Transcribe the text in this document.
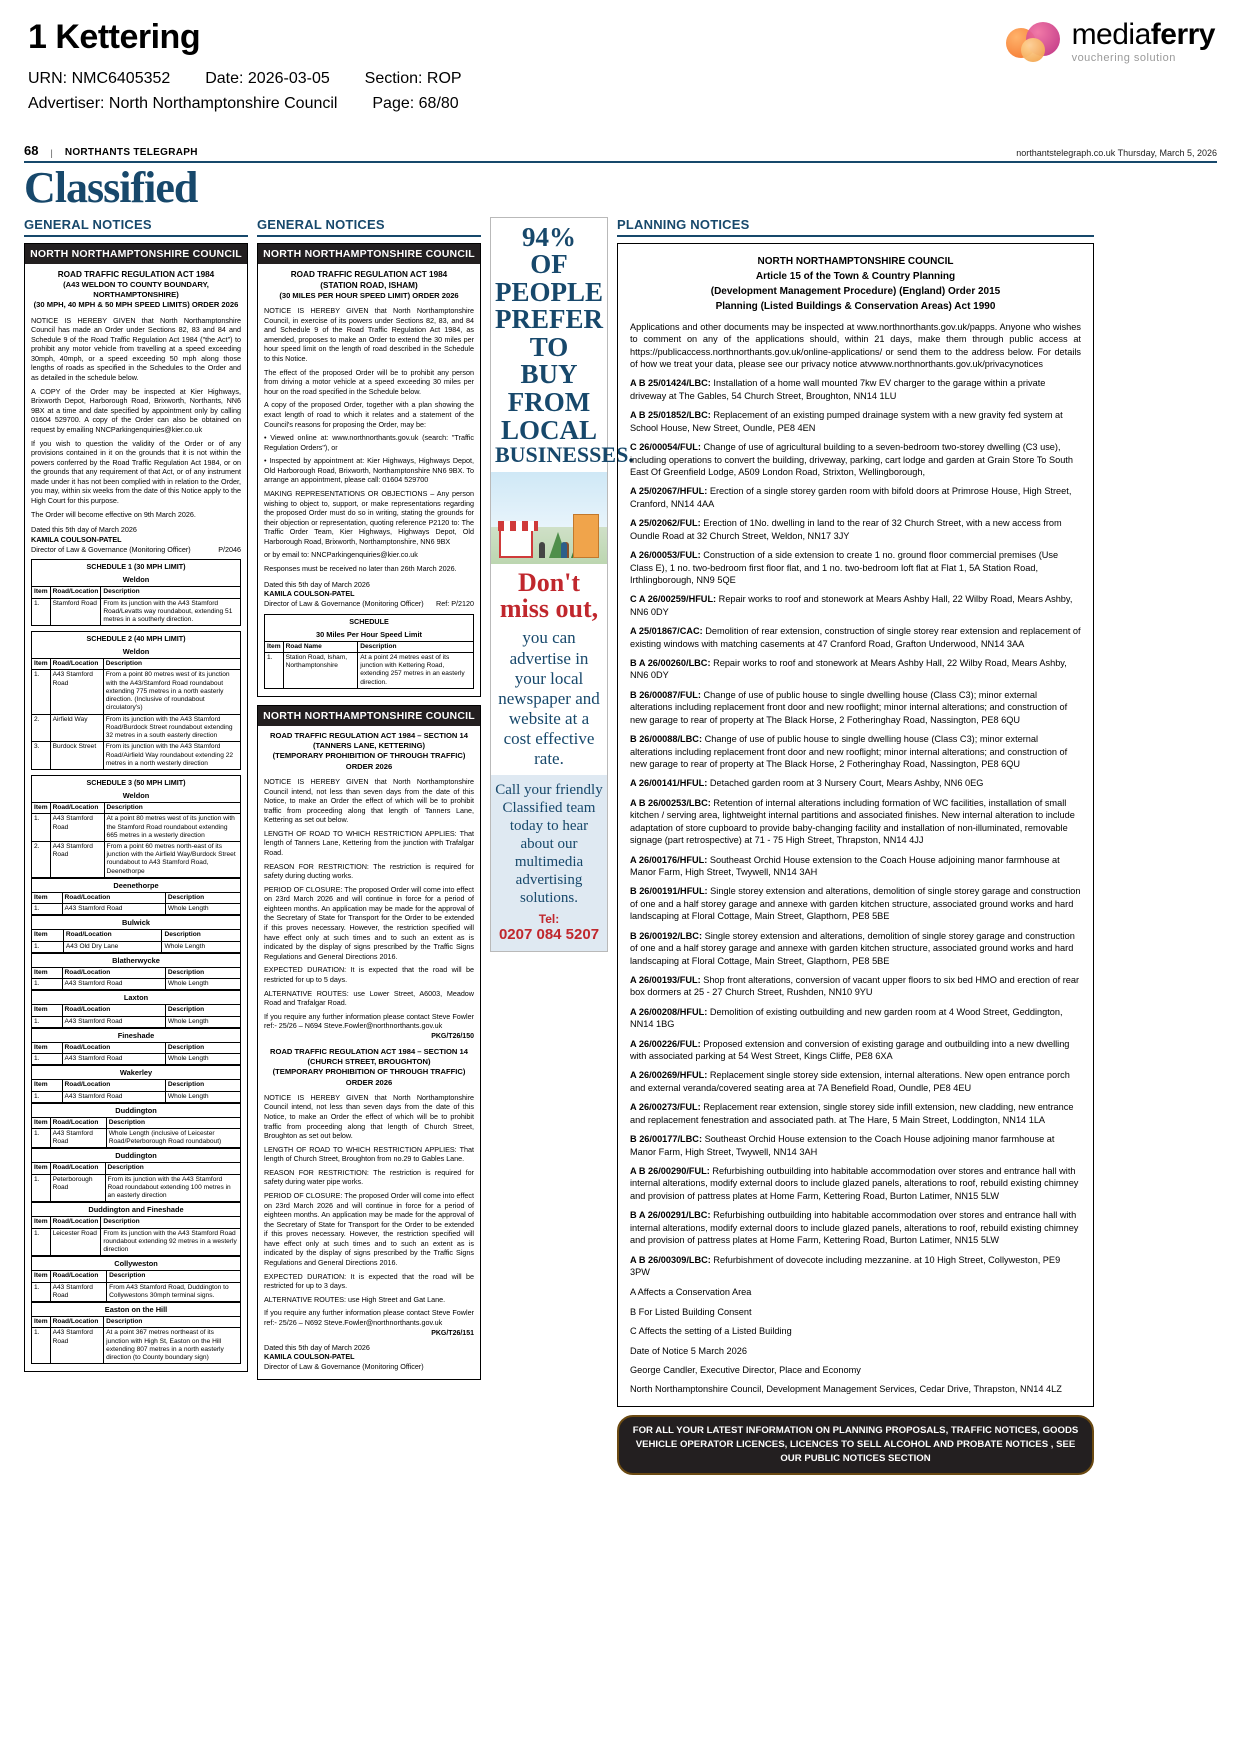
1 Kettering
URN: NMC6405352 Date: 2026-03-05 Section: ROP
Advertiser: North Northamptonshire Council Page: 68/80
mediaferry
vouchering solution
68 | NORTHANTS TELEGRAPH	northantstelegraph.co.uk Thursday, March 5, 2026
Classified
GENERAL NOTICES
NORTH NORTHAMPTONSHIRE COUNCIL
ROAD TRAFFIC REGULATION ACT 1984
(A43 WELDON TO COUNTY BOUNDARY, NORTHAMPTONSHIRE)
(30 MPH, 40 MPH & 50 MPH SPEED LIMITS) ORDER 2026

NOTICE IS HEREBY GIVEN that North Northamptonshire Council has made an Order under Sections 82, 83 and 84 and Schedule 9 of the Road Traffic Regulation Act 1984 ("the Act") to prohibit any motor vehicle from travelling at a speed exceeding 30mph, 40mph, or a speed exceeding 50 mph along those lengths of roads as specified in the Schedules to the Order and as detailed in the schedule below.

A COPY of the Order may be inspected at Kier Highways, Brixworth Depot, Harborough Road, Brixworth, Northants, NN6 9BX at a time and date specified by appointment only by calling 01604 529700. A copy of the Order can also be obtained on request by emailing NNCParkingenquiries@kier.co.uk

If you wish to question the validity of the Order or of any provisions contained in it on the grounds that it is not within the powers conferred by the Road Traffic Regulation Act 1984, or on the grounds that any requirement of that Act, or of any instrument made under it has not been complied with in relation to the Order, you may, within six weeks from the date of this Notice apply to the High Court for this purpose.

The Order will become effective on 9th March 2026.

Dated this 5th day of March 2026
KAMILA COULSON-PATEL
P/2046
Director of Law & Governance (Monitoring Officer)
SCHEDULE 1 (30 MPH LIMIT)
Weldon
Item	Road/Location	Description
1.	Stamford Road	From its junction with the A43 Stamford Road/Levatts way roundabout, extending 51 metres in a southerly direction.
SCHEDULE 2 (40 MPH LIMIT)
Weldon
Item	Road/Location	Description
1.	A43 Stamford Road	From a point 80 metres west of its junction with the A43/Stamford Road roundabout extending 775 metres in a north easterly direction. (Inclusive of roundabout circulatory's)
2.	Airfield Way	From its junction with the A43 Stamford Road/Burdock Street roundabout extending 32 metres in a south easterly direction
3.	Burdock Street	From its junction with the A43 Stamford Road/Airfield Way roundabout extending 22 metres in a north westerly direction
SCHEDULE 3 (50 MPH LIMIT)
Weldon
Item	Road/Location	Description
1.	A43 Stamford Road	At a point 80 metres west of its junction with the Stamford Road roundabout extending 665 metres in a westerly direction
2.	A43 Stamford Road	From a point 60 metres north-east of its junction with the Airfield Way/Burdock Street roundabout to A43 Stamford Road, Deenethorpe
Deenethorpe
Item	Road/Location	Description
1.	A43 Stamford Road	Whole Length
Bulwick
Item	Road/Location	Description
1.	A43 Old Dry Lane	Whole Length
Blatherwycke
Item	Road/Location	Description
1.	A43 Stamford Road	Whole Length
Laxton
Item	Road/Location	Description
1.	A43 Stamford Road	Whole Length
Fineshade
Item	Road/Location	Description
1.	A43 Stamford Road	Whole Length
Wakerley
Item	Road/Location	Description
1.	A43 Stamford Road	Whole Length
Duddington
Item	Road/Location	Description
1.	A43 Stamford Road	Whole Length (inclusive of Leicester Road/Peterborough Road roundabout)
Duddington
Item	Road/Location	Description
1.	Peterborough Road	From its junction with the A43 Stamford Road roundabout extending 100 metres in an easterly direction
Duddington and Fineshade
Item	Road/Location	Description
1.	Leicester Road	From its junction with the A43 Stamford Road roundabout extending 92 metres in a westerly direction
Collyweston
Item	Road/Location	Description
1.	A43 Stamford Road	From A43 Stamford Road, Duddington to Collywestons 30mph terminal signs.
Easton on the Hill
Item	Road/Location	Description
1.	A43 Stamford Road	At a point 367 metres northeast of its junction with High St, Easton on the Hill extending 807 metres in a north easterly direction (to County boundary sign)
GENERAL NOTICES
NORTH NORTHAMPTONSHIRE COUNCIL
ROAD TRAFFIC REGULATION ACT 1984
(STATION ROAD, ISHAM)
(30 MILES PER HOUR SPEED LIMIT) ORDER 2026

NOTICE IS HEREBY GIVEN that North Northamptonshire Council, in exercise of its powers under Sections 82, 83, and 84 and Schedule 9 of the Road Traffic Regulation Act 1984, as amended, proposes to make an Order to extend the 30 miles per hour speed limit on the length of road described in the Schedule to this Notice.

The effect of the proposed Order will be to prohibit any person from driving a motor vehicle at a speed exceeding 30 miles per hour on the road specified in the Schedule below.

A copy of the proposed Order, together with a plan showing the exact length of road to which it relates and a statement of the Council's reasons for proposing the Order, may be:

• Viewed online at: www.northnorthants.gov.uk (search: "Traffic Regulation Orders"), or

• Inspected by appointment at: Kier Highways, Highways Depot, Old Harborough Road, Brixworth, Northamptonshire NN6 9BX. To arrange an appointment, please call: 01604 529700

MAKING REPRESENTATIONS OR OBJECTIONS – Any person wishing to object to, support, or make representations regarding the proposed Order must do so in writing, stating the grounds for their objection or representation, quoting reference P2120 to: The Traffic Order Team, Kier Highways, Highways Depot, Old Harborough Road, Brixworth, Northamptonshire, NN6 9BX

or by email to: NNCParkingenquiries@kier.co.uk

Responses must be received no later than 26th March 2026.

Dated this 5th day of March 2026
KAMILA COULSON-PATEL
Ref: P/2120
Director of Law & Governance (Monitoring Officer)
SCHEDULE
30 Miles Per Hour Speed Limit
Item	Road Name	Description
1.	Station Road, Isham, Northamptonshire	At a point 24 metres east of its junction with Kettering Road, extending 257 metres in an easterly direction.
NORTH NORTHAMPTONSHIRE COUNCIL
ROAD TRAFFIC REGULATION ACT 1984 – SECTION 14
(TANNERS LANE, KETTERING)
(TEMPORARY PROHIBITION OF THROUGH TRAFFIC) ORDER 2026

NOTICE IS HEREBY GIVEN that North Northamptonshire Council intend, not less than seven days from the date of this Notice, to make an Order the effect of which will be to prohibit traffic from proceeding along that length of Tanners Lane, Kettering as set out below.

LENGTH OF ROAD TO WHICH RESTRICTION APPLIES: That length of Tanners Lane, Kettering from the junction with Trafalgar Road.

REASON FOR RESTRICTION: The restriction is required for safety during ducting works.

PERIOD OF CLOSURE: The proposed Order will come into effect on 23rd March 2026 and will continue in force for a period of eighteen months. An application may be made for the approval of the Secretary of State for Transport for the Order to be extended if this proves necessary. However, the restriction specified will have effect only at such times and to such an extent as is indicated by the display of signs prescribed by the Traffic Signs Regulations and General Directions 2016.

EXPECTED DURATION: It is expected that the road will be restricted for up to 5 days.

ALTERNATIVE ROUTES: use Lower Street, A6003, Meadow Road and Trafalgar Road.

If you require any further information please contact Steve Fowler ref:- 25/26 – N694 Steve.Fowler@northnorthants.gov.uk

PKG/T26/150
ROAD TRAFFIC REGULATION ACT 1984 – SECTION 14
(CHURCH STREET, BROUGHTON)
(TEMPORARY PROHIBITION OF THROUGH TRAFFIC) ORDER 2026

NOTICE IS HEREBY GIVEN that North Northamptonshire Council intend, not less than seven days from the date of this Notice, to make an Order the effect of which will be to prohibit traffic from proceeding along that length of Church Street, Broughton as set out below.

LENGTH OF ROAD TO WHICH RESTRICTION APPLIES: That length of Church Street, Broughton from no.29 to Gables Lane.

REASON FOR RESTRICTION: The restriction is required for safety during water pipe works.

PERIOD OF CLOSURE: The proposed Order will come into effect on 23rd March 2026 and will continue in force for a period of eighteen months. An application may be made for the approval of the Secretary of State for Transport for the Order to be extended if this proves necessary. However, the restriction specified will have effect only at such times and to such an extent as is indicated by the display of signs prescribed by the Traffic Signs Regulations and General Directions 2016.

EXPECTED DURATION: It is expected that the road will be restricted for up to 3 days.

ALTERNATIVE ROUTES: use High Street and Gat Lane.

If you require any further information please contact Steve Fowler ref:- 25/26 – N692 Steve.Fowler@northnorthants.gov.uk

PKG/T26/151
Dated this 5th day of March 2026
KAMILA COULSON-PATEL
Director of Law & Governance (Monitoring Officer)
94%
OF
PEOPLE
PREFER
TO
BUY
FROM
LOCAL
BUSINESSES.
Don't miss out,
you can advertise in your local newspaper and website at a cost effective rate.
Call your friendly Classified team today to hear about our multimedia advertising solutions.
Tel:
0207 084 5207
PLANNING NOTICES
NORTH NORTHAMPTONSHIRE COUNCIL
Article 15 of the Town & Country Planning
(Development Management Procedure) (England) Order 2015
Planning (Listed Buildings & Conservation Areas) Act 1990

Applications and other documents may be inspected at www.northnorthants.gov.uk/papps. Anyone who wishes to comment on any of the applications should, within 21 days, make them through public access at https://publicaccess.northnorthants.gov.uk/online-applications/ or send them to the address below. For details of how we treat your data, please see our privacy notice atvwww.northnorthants.gov.uk/privacynotices

A B 25/01424/LBC: Installation of a home wall mounted 7kw EV charger to the garage within a private driveway at The Gables, 54 Church Street, Broughton, NN14 1LU

A B 25/01852/LBC: Replacement of an existing pumped drainage system with a new gravity fed system at School House, New Street, Oundle, PE8 4EN

C 26/00054/FUL: Change of use of agricultural building to a seven-bedroom two-storey dwelling (C3 use), including operations to convert the building, driveway, parking, cart lodge and garden at Grain Store To South East Of Greenfield Lodge, A509 London Road, Strixton, Wellingborough,

A 25/02067/HFUL: Erection of a single storey garden room with bifold doors at Primrose House, High Street, Cranford, NN14 4AA

A 25/02062/FUL: Erection of 1No. dwelling in land to the rear of 32 Church Street, with a new access from Oundle Road at 32 Church Street, Weldon, NN17 3JY

A 26/00053/FUL: Construction of a side extension to create 1 no. ground floor commercial premises (Use Class E), 1 no. two-bedroom first floor flat, and 1 no. two-bedroom loft flat at Flat 1, 5A Station Road, Irthlingborough, NN9 5QE

C A 26/00259/HFUL: Repair works to roof and stonework at Mears Ashby Hall, 22 Wilby Road, Mears Ashby, NN6 0DY

A 25/01867/CAC: Demolition of rear extension, construction of single storey rear extension and replacement of existing windows with matching casements at 47 Cranford Road, Grafton Underwood, NN14 3AA

B A 26/00260/LBC: Repair works to roof and stonework at Mears Ashby Hall, 22 Wilby Road, Mears Ashby, NN6 0DY

B 26/00087/FUL: Change of use of public house to single dwelling house (Class C3); minor external alterations including replacement front door and new rooflight; minor internal alterations; and construction of new garage to rear of property at The Black Horse, 2 Fotheringhay Road, Nassington, PE8 6QU

B 26/00088/LBC: Change of use of public house to single dwelling house (Class C3); minor external alterations including replacement front door and new rooflight; minor internal alterations; and construction of new garage to rear of property at The Black Horse, 2 Fotheringhay Road, Nassington, PE8 6QU

A 26/00141/HFUL: Detached garden room at 3 Nursery Court, Mears Ashby, NN6 0EG

A B 26/00253/LBC: Retention of internal alterations including formation of WC facilities, installation of small kitchen / serving area, lightweight internal partitions and associated finishes. New internal alteration to include adaptation of store cupboard to provide baby-changing facility and installation of non-illuminated, removable signage (part retrospective) at 71 - 75 High Street, Thrapston, NN14 4JJ

A 26/00176/HFUL: Southeast Orchid House extension to the Coach House adjoining manor farmhouse at Manor Farm, High Street, Twywell, NN14 3AH

B 26/00191/HFUL: Single storey extension and alterations, demolition of single storey garage and construction of one and a half storey garage and annexe with garden kitchen structure, associated ground works and hard landscaping at Floral Cottage, Main Street, Glapthorn, PE8 5BE

B 26/00192/LBC: Single storey extension and alterations, demolition of single storey garage and construction of one and a half storey garage and annexe with garden kitchen structure, associated ground works and hard landscaping at Floral Cottage, Main Street, Glapthorn, PE8 5BE

A 26/00193/FUL: Shop front alterations, conversion of vacant upper floors to six bed HMO and erection of rear box dormers at 25 - 27 Church Street, Rushden, NN10 9YU

A 26/00208/HFUL: Demolition of existing outbuilding and new garden room at 4 Wood Street, Geddington, NN14 1BG

A 26/00226/FUL: Proposed extension and conversion of existing garage and outbuilding into a new dwelling with associated parking at 54 West Street, Kings Cliffe, PE8 6XA

A 26/00269/HFUL: Replacement single storey side extension, internal alterations. New open entrance porch and external veranda/covered seating area at 7A Benefield Road, Oundle, PE8 4EU

A 26/00273/FUL: Replacement rear extension, single storey side infill extension, new cladding, new entrance and replacement fenestration and associated path. at The Hare, 5 Main Street, Loddington, NN14 1LA

B 26/00177/LBC: Southeast Orchid House extension to the Coach House adjoining manor farmhouse at Manor Farm, High Street, Twywell, NN14 3AH

A B 26/00290/FUL: Refurbishing outbuilding into habitable accommodation over stores and entrance hall with internal alterations, modify external doors to include glazed panels, alterations to roof, rebuild existing chimney and provision of pattress plates at Home Farm, Kettering Road, Burton Latimer, NN15 5LW

B A 26/00291/LBC: Refurbishing outbuilding into habitable accommodation over stores and entrance hall with internal alterations, modify external doors to include glazed panels, alterations to roof, rebuild existing chimney and provision of pattress plates at Home Farm, Kettering Road, Burton Latimer, NN15 5LW

A B 26/00309/LBC: Refurbishment of dovecote including mezzanine. at 10 High Street, Collyweston, PE9 3PW

A Affects a Conservation Area

B For Listed Building Consent

C Affects the setting of a Listed Building

Date of Notice 5 March 2026

George Candler, Executive Director, Place and Economy

North Northamptonshire Council, Development Management Services, Cedar Drive, Thrapston, NN14 4LZ

FOR ALL YOUR LATEST INFORMATION ON PLANNING PROPOSALS, TRAFFIC NOTICES, GOODS VEHICLE OPERATOR LICENCES, LICENCES TO SELL ALCOHOL AND PROBATE NOTICES , SEE OUR PUBLIC NOTICES SECTION
